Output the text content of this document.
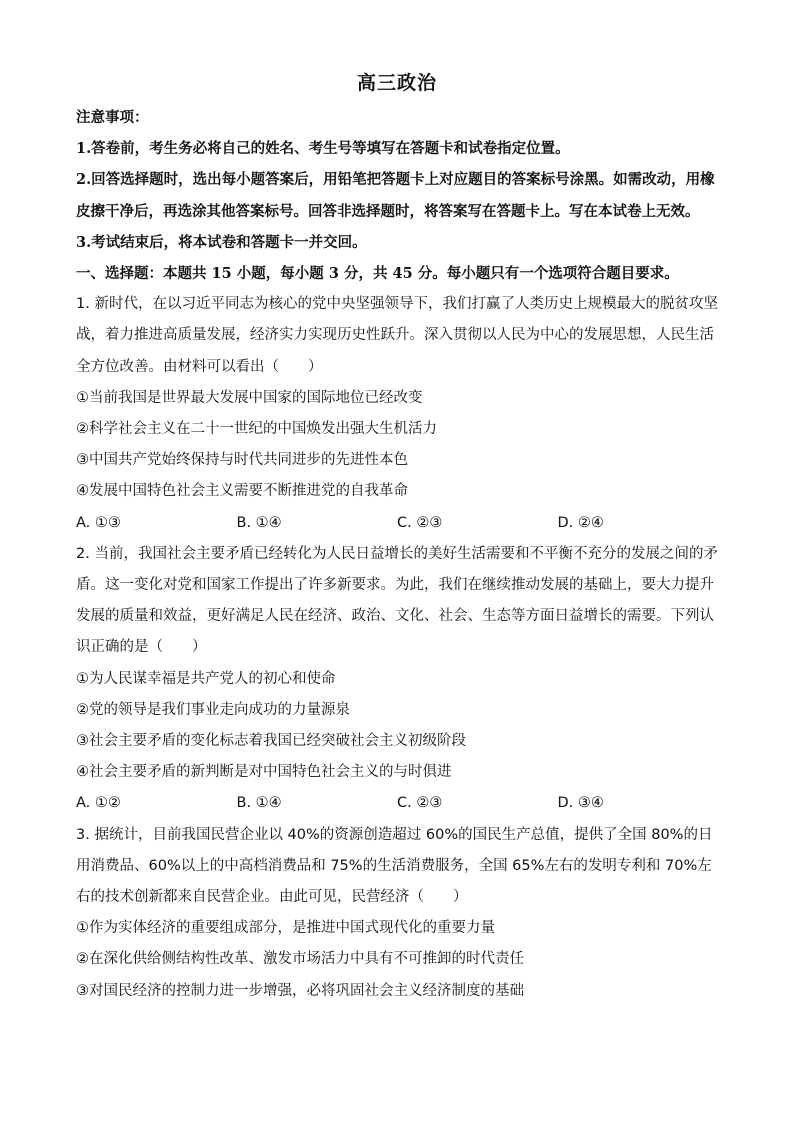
高三政治
注意事项：
1.答卷前，考生务必将自己的姓名、考生号等填写在答题卡和试卷指定位置。
2.回答选择题时，选出每小题答案后，用铅笔把答题卡上对应题目的答案标号涂黑。如需改动，用橡皮擦干净后，再选涂其他答案标号。回答非选择题时，将答案写在答题卡上。写在本试卷上无效。
3.考试结束后，将本试卷和答题卡一并交回。
一、选择题：本题共 15 小题，每小题 3 分，共 45 分。每小题只有一个选项符合题目要求。
1. 新时代，在以习近平同志为核心的党中央坚强领导下，我们打赢了人类历史上规模最大的脱贫攻坚战，着力推进高质量发展，经济实力实现历史性跃升。深入贯彻以人民为中心的发展思想，人民生活全方位改善。由材料可以看出（　　）
①当前我国是世界最大发展中国家的国际地位已经改变
②科学社会主义在二十一世纪的中国焕发出强大生机活力
③中国共产党始终保持与时代共同进步的先进性本色
④发展中国特色社会主义需要不断推进党的自我革命
A. ①③	B. ①④	C. ②③	D. ②④
2. 当前，我国社会主要矛盾已经转化为人民日益增长的美好生活需要和不平衡不充分的发展之间的矛盾。这一变化对党和国家工作提出了许多新要求。为此，我们在继续推动发展的基础上，要大力提升发展的质量和效益，更好满足人民在经济、政治、文化、社会、生态等方面日益增长的需要。下列认识正确的是（　　）
①为人民谋幸福是共产党人的初心和使命
②党的领导是我们事业走向成功的力量源泉
③社会主要矛盾的变化标志着我国已经突破社会主义初级阶段
④社会主要矛盾的新判断是对中国特色社会主义的与时俱进
A. ①②	B. ①④	C. ②③	D. ③④
3. 据统计，目前我国民营企业以 40%的资源创造超过 60%的国民生产总值，提供了全国 80%的日用消费品、60%以上的中高档消费品和 75%的生活消费服务，全国 65%左右的发明专利和 70%左右的技术创新都来自民营企业。由此可见，民营经济（　　）
①作为实体经济的重要组成部分，是推进中国式现代化的重要力量
②在深化供给侧结构性改革、激发市场活力中具有不可推卸的时代责任
③对国民经济的控制力进一步增强，必将巩固社会主义经济制度的基础
